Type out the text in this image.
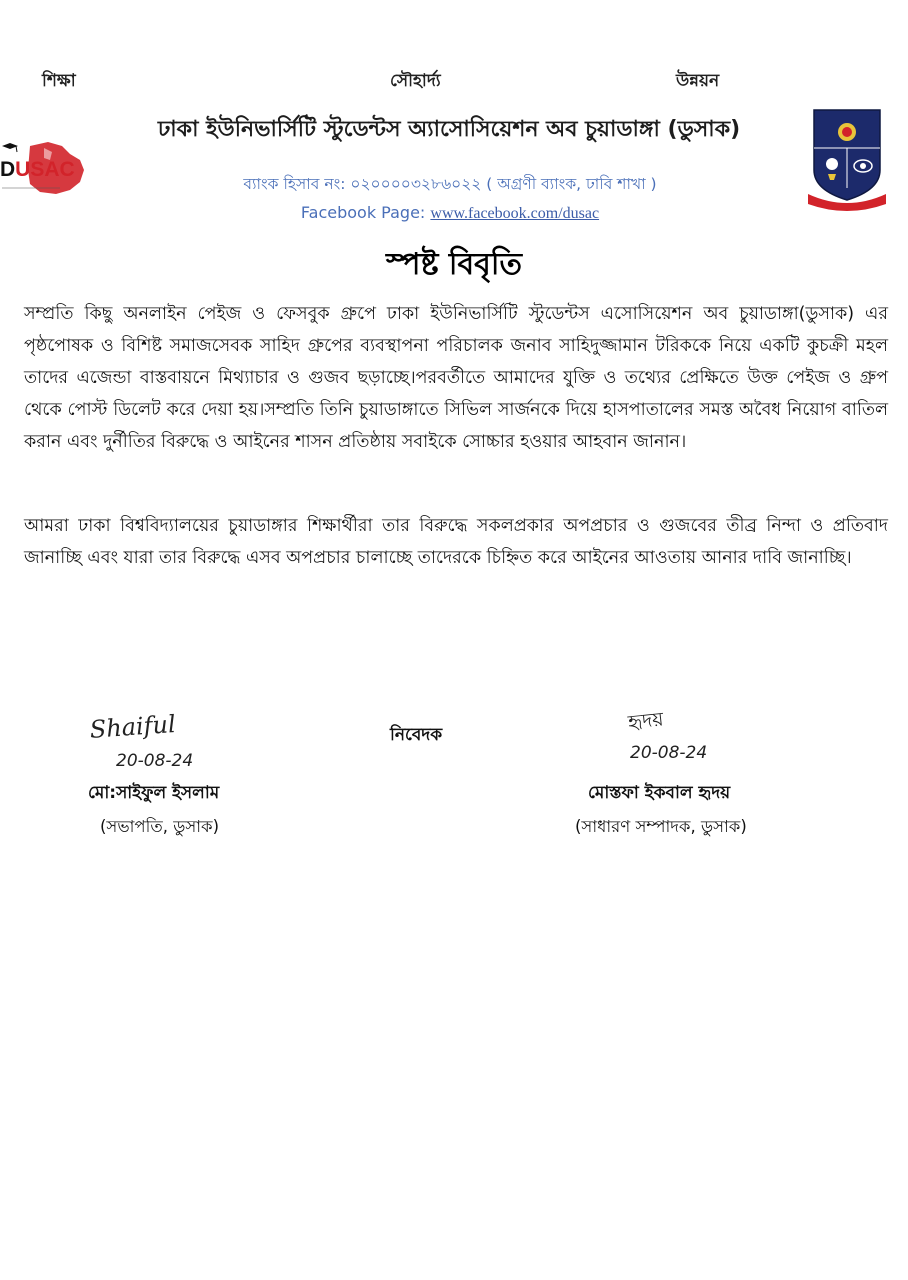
শিক্ষা	সৌহার্দ্য	উন্নয়ন
DUSAC
ঢাকা ইউনিভার্সিটি স্টুডেন্টস অ্যাসোসিয়েশন অব চুয়াডাঙ্গা (ডুসাক)
ব্যাংক হিসাব নং: ০২০০০০৩২৮৬০২২ ( অগ্রণী ব্যাংক, ঢাবি শাখা )
Facebook Page: www.facebook.com/dusac
স্পষ্ট বিবৃতি
সম্প্রতি কিছু অনলাইন পেইজ ও ফেসবুক গ্রুপে ঢাকা ইউনিভার্সিটি স্টুডেন্টস এসোসিয়েশন অব চুয়াডাঙ্গা(ডুসাক) এর পৃষ্ঠপোষক ও বিশিষ্ট সমাজসেবক সাহিদ গ্রুপের ব্যবস্থাপনা পরিচালক জনাব সাহিদুজ্জামান টরিককে নিয়ে একটি কুচক্রী মহল তাদের এজেন্ডা বাস্তবায়নে মিথ্যাচার ও গুজব ছড়াচ্ছে।পরবর্তীতে আমাদের যুক্তি ও তথ্যের প্রেক্ষিতে উক্ত পেইজ ও গ্রুপ থেকে পোস্ট ডিলেট করে দেয়া হয়।সম্প্রতি তিনি চুয়াডাঙ্গাতে সিভিল সার্জনকে দিয়ে হাসপাতালের সমস্ত অবৈধ নিয়োগ বাতিল করান এবং দুর্নীতির বিরুদ্ধে ও আইনের শাসন প্রতিষ্ঠায় সবাইকে সোচ্চার হওয়ার আহবান জানান।
আমরা ঢাকা বিশ্ববিদ্যালয়ের চুয়াডাঙ্গার শিক্ষার্থীরা তার বিরুদ্ধে সকলপ্রকার অপপ্রচার ও গুজবের তীব্র নিন্দা ও প্রতিবাদ জানাচ্ছি এবং যারা তার বিরুদ্ধে এসব অপপ্রচার চালাচ্ছে তাদেরকে চিহ্নিত করে আইনের আওতায় আনার দাবি জানাচ্ছি।
Shaiful
20-08-24
হৃদয়
20-08-24
নিবেদক
মো:সাইফুল ইসলাম
(সভাপতি, ডুসাক)
মোস্তফা ইকবাল হৃদয়
(সাধারণ সম্পাদক, ডুসাক)
